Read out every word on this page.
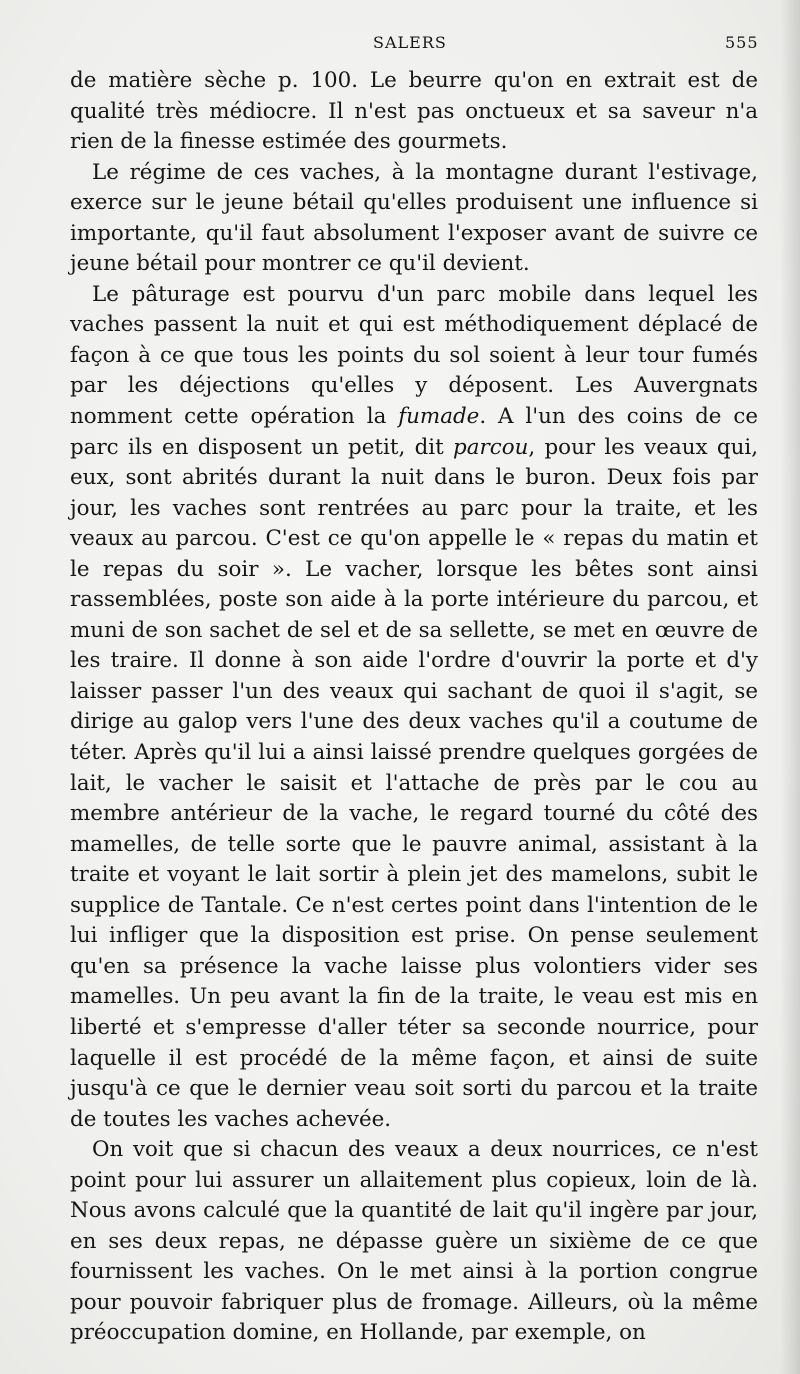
SALERS	555

de matière sèche p. 100. Le beurre qu'on en extrait est de qualité très médiocre. Il n'est pas onctueux et sa saveur n'a rien de la finesse estimée des gourmets.

Le régime de ces vaches, à la montagne durant l'estivage, exerce sur le jeune bétail qu'elles produisent une influence si importante, qu'il faut absolument l'exposer avant de suivre ce jeune bétail pour montrer ce qu'il devient.

Le pâturage est pourvu d'un parc mobile dans lequel les vaches passent la nuit et qui est méthodiquement déplacé de façon à ce que tous les points du sol soient à leur tour fumés par les déjections qu'elles y déposent. Les Auvergnats nomment cette opération la fumade. A l'un des coins de ce parc ils en disposent un petit, dit parcou, pour les veaux qui, eux, sont abrités durant la nuit dans le buron. Deux fois par jour, les vaches sont rentrées au parc pour la traite, et les veaux au parcou. C'est ce qu'on appelle le « repas du matin et le repas du soir ». Le vacher, lorsque les bêtes sont ainsi rassemblées, poste son aide à la porte intérieure du parcou, et muni de son sachet de sel et de sa sellette, se met en œuvre de les traire. Il donne à son aide l'ordre d'ouvrir la porte et d'y laisser passer l'un des veaux qui sachant de quoi il s'agit, se dirige au galop vers l'une des deux vaches qu'il a coutume de téter. Après qu'il lui a ainsi laissé prendre quelques gorgées de lait, le vacher le saisit et l'attache de près par le cou au membre antérieur de la vache, le regard tourné du côté des mamelles, de telle sorte que le pauvre animal, assistant à la traite et voyant le lait sortir à plein jet des mamelons, subit le supplice de Tantale. Ce n'est certes point dans l'intention de le lui infliger que la disposition est prise. On pense seulement qu'en sa présence la vache laisse plus volontiers vider ses mamelles. Un peu avant la fin de la traite, le veau est mis en liberté et s'empresse d'aller téter sa seconde nourrice, pour laquelle il est procédé de la même façon, et ainsi de suite jusqu'à ce que le dernier veau soit sorti du parcou et la traite de toutes les vaches achevée.

On voit que si chacun des veaux a deux nourrices, ce n'est point pour lui assurer un allaitement plus copieux, loin de là. Nous avons calculé que la quantité de lait qu'il ingère par jour, en ses deux repas, ne dépasse guère un sixième de ce que fournissent les vaches. On le met ainsi à la portion congrue pour pouvoir fabriquer plus de fromage. Ailleurs, où la même préoccupation domine, en Hollande, par exemple, on
